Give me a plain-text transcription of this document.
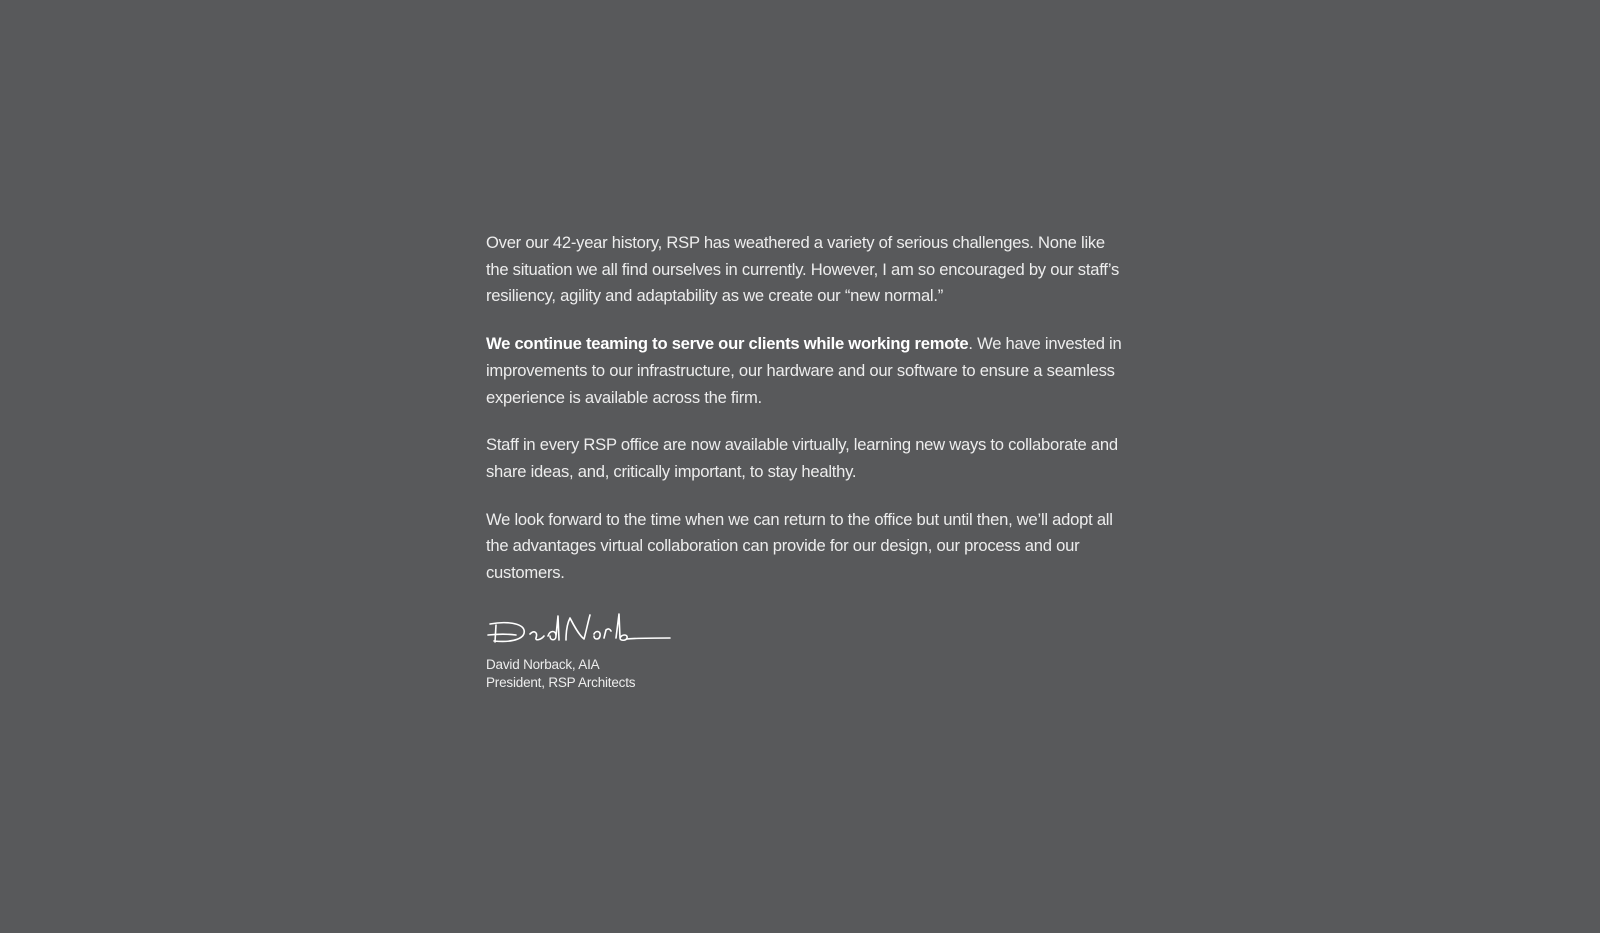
Over our 42-year history, RSP has weathered a variety of serious challenges. None like the situation we all find ourselves in currently. However, I am so encouraged by our staff’s resiliency, agility and adaptability as we create our “new normal.”

We continue teaming to serve our clients while working remote. We have invested in improvements to our infrastructure, our hardware and our software to ensure a seamless experience is available across the firm.

Staff in every RSP office are now available virtually, learning new ways to collaborate and share ideas, and, critically important, to stay healthy.

We look forward to the time when we can return to the office but until then, we’ll adopt all the advantages virtual collaboration can provide for our design, our process and our customers.

David Norback, AIA

President, RSP Architects
